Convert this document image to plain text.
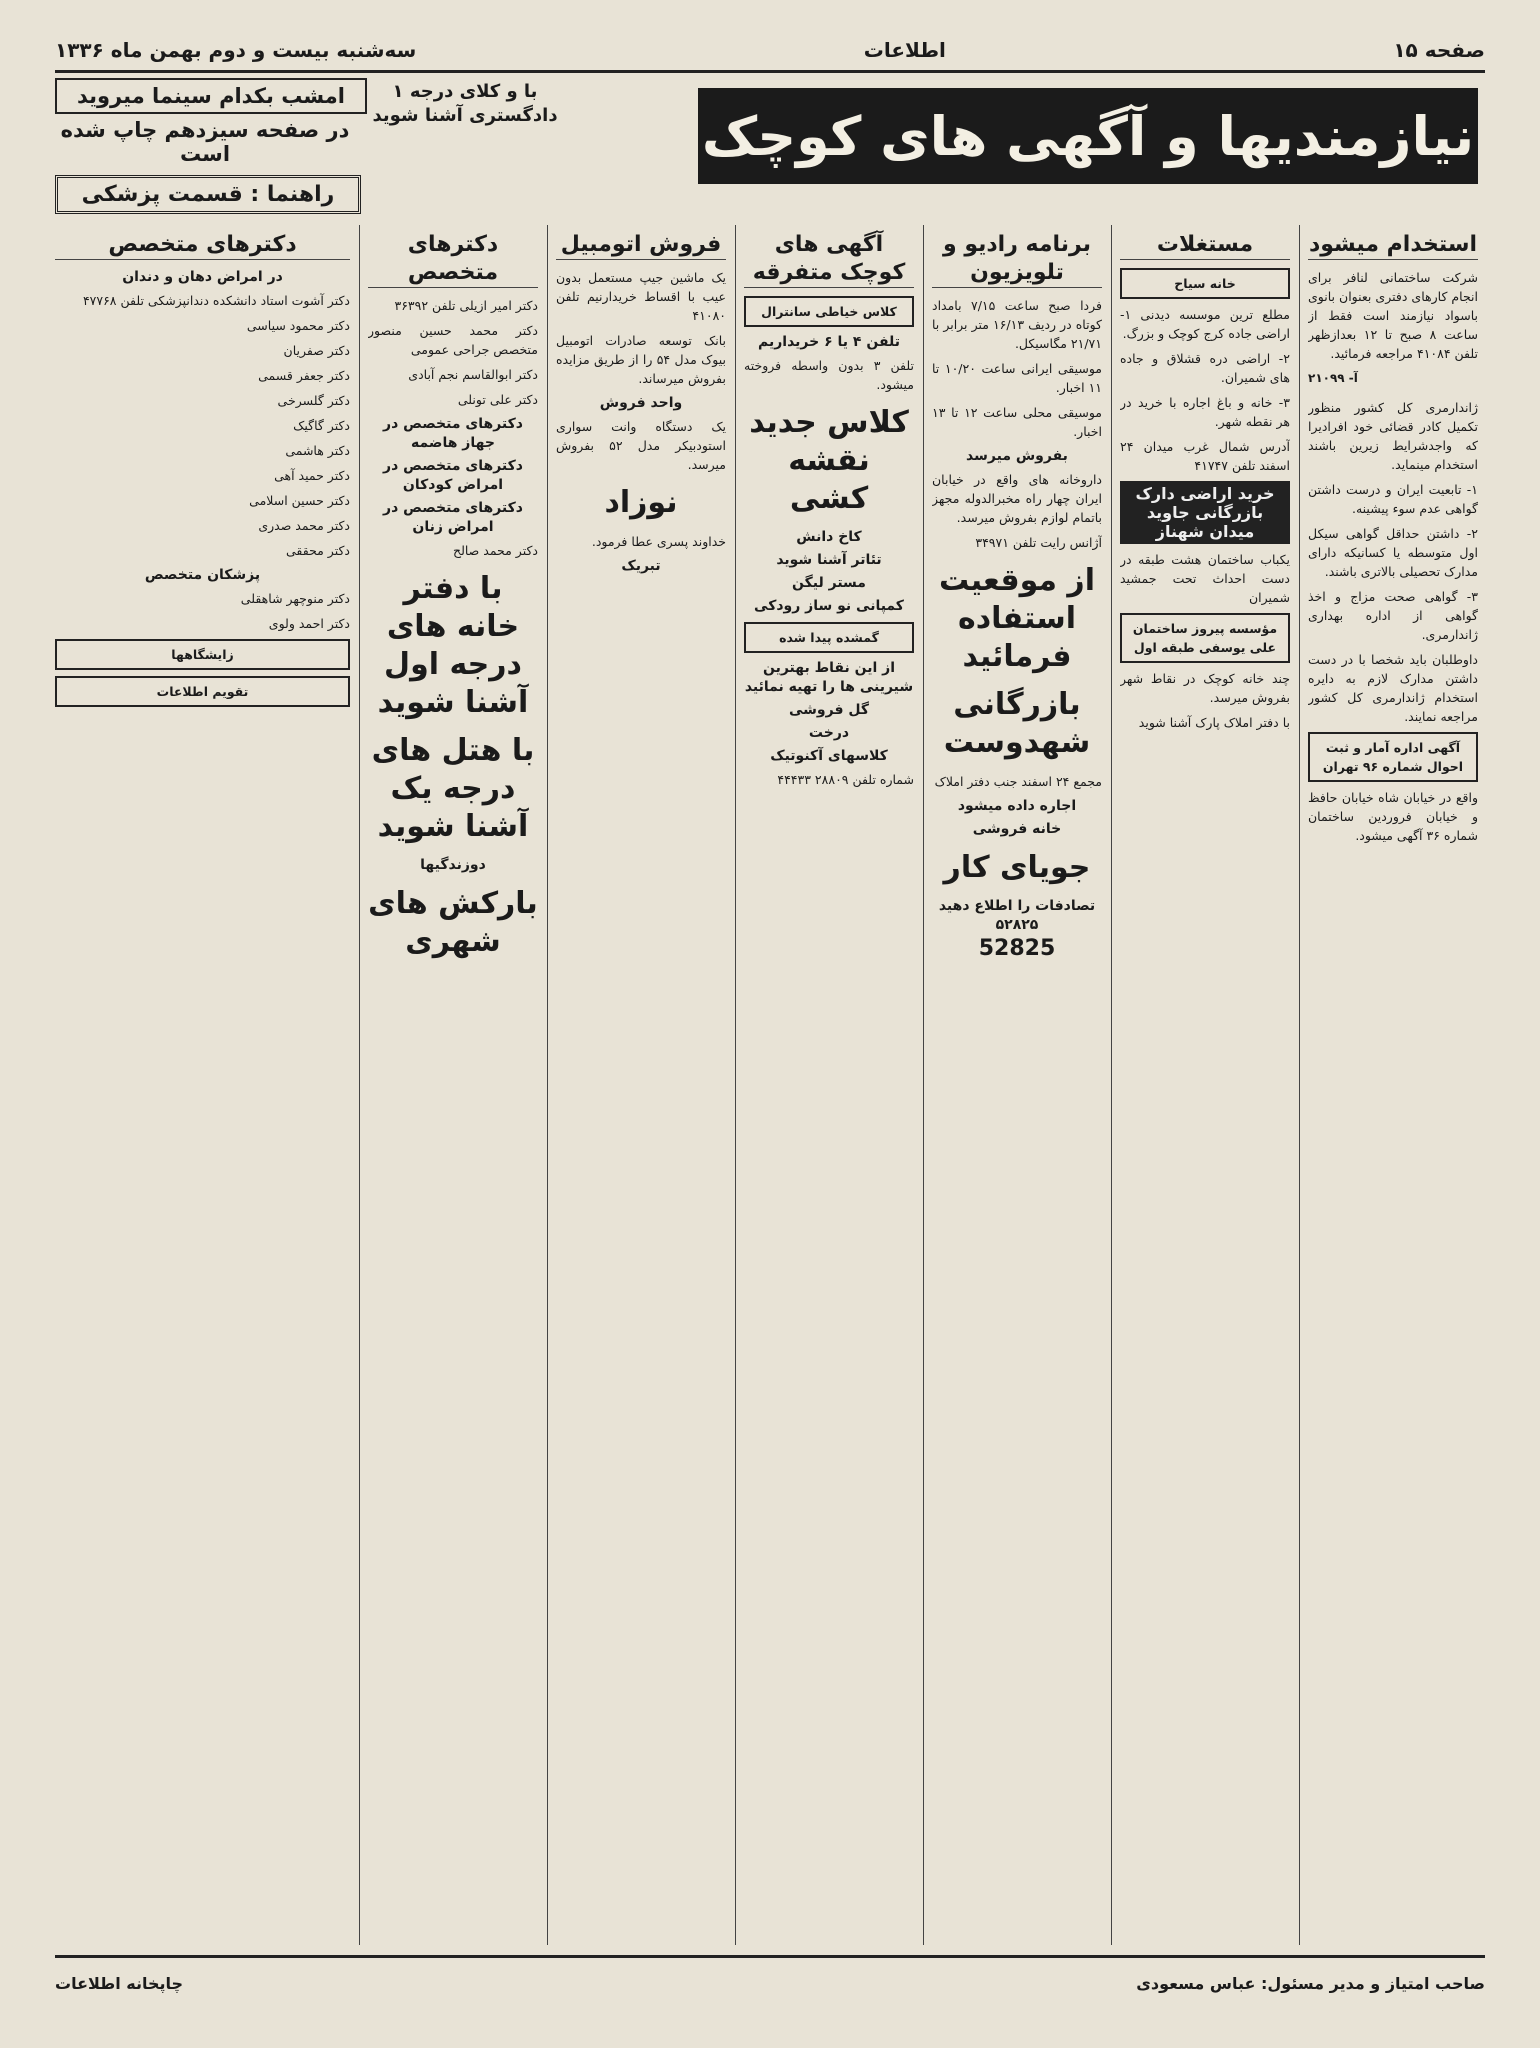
صفحه ۱۵
اطلاعات
سه‌شنبه بیست و دوم بهمن ماه ۱۳۳۶
نیازمندیها و آگهی های کوچک
امشب بکدام سینما میروید
در صفحه سیزدهم چاپ شده است
راهنما : قسمت پزشکی
با و کلای درجه ۱
دادگستری آشنا شوید
استخدام میشود

شرکت ساختمانی لنافر برای انجام کارهای دفتری بعنوان بانوی باسواد نیازمند است فقط از ساعت ۸ صبح تا ۱۲ بعدازظهر تلفن ۴۱۰۸۴ مراجعه فرمائید.

آ- ۲۱۰۹۹

ژاندارمری کل کشور منظور تکمیل کادر قضائی خود افرادیرا که واجدشرایط زیرین باشند استخدام مینماید.

۱- تابعیت ایران و درست داشتن گواهی عدم سوء پیشینه.

۲- داشتن حداقل گواهی سیکل اول متوسطه یا کسانیکه دارای مدارک تحصیلی بالاتری باشند.

۳- گواهی صحت مزاج و اخذ گواهی از اداره بهداری ژاندارمری.

داوطلبان باید شخصا با در دست داشتن مدارک لازم به دایره استخدام ژاندارمری کل کشور مراجعه نمایند.

آگهی اداره آمار و ثبت احوال شماره ۹۶ تهران

واقع در خیابان شاه خیابان حافظ و خیابان فروردین ساختمان شماره ۳۶ آگهی میشود.

مستغلات
خانه سیاح

مطلع ترین موسسه دیدنی ۱- اراضی جاده کرج کوچک و بزرگ.

۲- اراضی دره قشلاق و جاده های شمیران.

۳- خانه و باغ اجاره با خرید در هر نقطه شهر.

آدرس شمال غرب میدان ۲۴ اسفند تلفن ۴۱۷۴۷

خرید اراضی دارک بازرگانی جاوید میدان شهناز

یکباب ساختمان هشت طبقه در دست احداث تحت جمشید شمیران

مؤسسه پیروز ساختمان علی یوسفی طبقه اول

چند خانه کوچک در نقاط شهر بفروش میرسد.

با دفتر املاک پارک آشنا شوید

برنامه رادیو و تلویزیون

فردا صبح ساعت ۷/۱۵ بامداد کوتاه در ردیف ۱۶/۱۳ متر برابر با ۲۱/۷۱ مگاسیکل.

موسیقی ایرانی ساعت ۱۰/۲۰ تا ۱۱ اخبار.

موسیقی محلی ساعت ۱۲ تا ۱۳ اخبار.

بفروش میرسد

داروخانه های واقع در خیابان ایران چهار راه مخبرالدوله مجهز باتمام لوازم بفروش میرسد.

آژانس رایت تلفن ۳۴۹۷۱

از موقعیت استفاده فرمائید
بازرگانی شهدوست

مجمع ۲۴ اسفند جنب دفتر املاک

اجاره داده میشود
خانه فروشی
جویای کار
تصادفات را اطلاع دهید ۵۲۸۲۵
52825
آگهی های کوچک متفرقه
کلاس خیاطی سانترال
تلفن ۴ یا ۶ خریداریم

تلفن ۳ بدون واسطه فروخته میشود.

کلاس جدید نقشه کشی
کاخ دانش
تئاتر آشنا شوید
مستر لیگن
کمپانی نو ساز رودکی
گمشده پیدا شده
از این نقاط بهترین شیرینی ها را تهیه نمائید
گل فروشی
درخت
کلاسهای آکنوتیک

شماره تلفن ۲۸۸۰۹ ۴۴۴۳۳

فروش اتومبیل

یک ماشین جیپ مستعمل بدون عیب با اقساط خریدارنیم تلفن ۴۱۰۸۰

بانک توسعه صادرات اتومبیل بیوک مدل ۵۴ را از طریق مزایده بفروش میرساند.

واحد فروش

یک دستگاه وانت سواری استودبیکر مدل ۵۲ بفروش میرسد.

نوزاد

خداوند پسری عطا فرمود.

تبریک
دکترهای متخصص

دکتر امیر ازیلی تلفن ۳۶۳۹۲

دکتر محمد حسین منصور متخصص جراحی عمومی

دکتر ابوالقاسم نجم آبادی

دکتر علی تونلی

دکترهای متخصص در جهاز هاضمه
دکترهای متخصص در امراض کودکان
دکترهای متخصص در امراض زنان

دکتر محمد صالح

با دفتر خانه های درجه اول آشنا شوید
با هتل های درجه یک آشنا شوید
دوزندگیها
بارکش های شهری
دکترهای متخصص
در امراض دهان و دندان

دکتر آشوت استاد دانشکده دندانپزشکی تلفن ۴۷۷۶۸

دکتر محمود سیاسی

دکتر صفریان

دکتر جعفر قسمی

دکتر گلسرخی

دکتر گاگیک

دکتر هاشمی

دکتر حمید آهی

دکتر حسین اسلامی

دکتر محمد صدری

دکتر محققی

پزشکان متخصص

دکتر منوچهر شاهقلی

دکتر احمد ولوی

زایشگاهها
تقویم اطلاعات
صاحب امتیاز و مدیر مسئول: عباس مسعودی
چاپخانه اطلاعات
